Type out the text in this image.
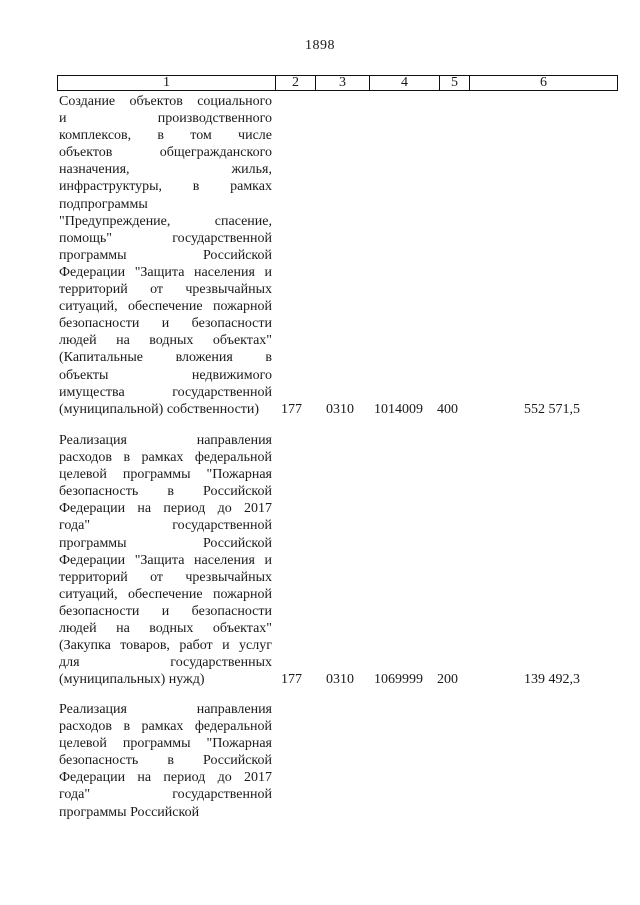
1898
1	2	3	4	5	6
Создание объектов социального
и производственного
комплексов, в том числе
объектов общегражданского
назначения, жилья,
инфраструктуры, в рамках
подпрограммы
"Предупреждение, спасение,
помощь" государственной
программы Российской
Федерации "Защита населения и
территорий от чрезвычайных
ситуаций, обеспечение пожарной
безопасности и безопасности
людей на водных объектах"
(Капитальные вложения в
объекты недвижимого
имущества государственной
(муниципальной) собственности)	177 0310 1014009 400	552 571,5
Реализация направления
расходов в рамках федеральной
целевой программы "Пожарная
безопасность в Российской
Федерации на период до 2017
года" государственной
программы Российской
Федерации "Защита населения и
территорий от чрезвычайных
ситуаций, обеспечение пожарной
безопасности и безопасности
людей на водных объектах"
(Закупка товаров, работ и услуг
для государственных
(муниципальных) нужд)	177 0310 1069999 200	139 492,3
Реализация направления
расходов в рамках федеральной
целевой программы "Пожарная
безопасность в Российской
Федерации на период до 2017
года" государственной
программы Российской
